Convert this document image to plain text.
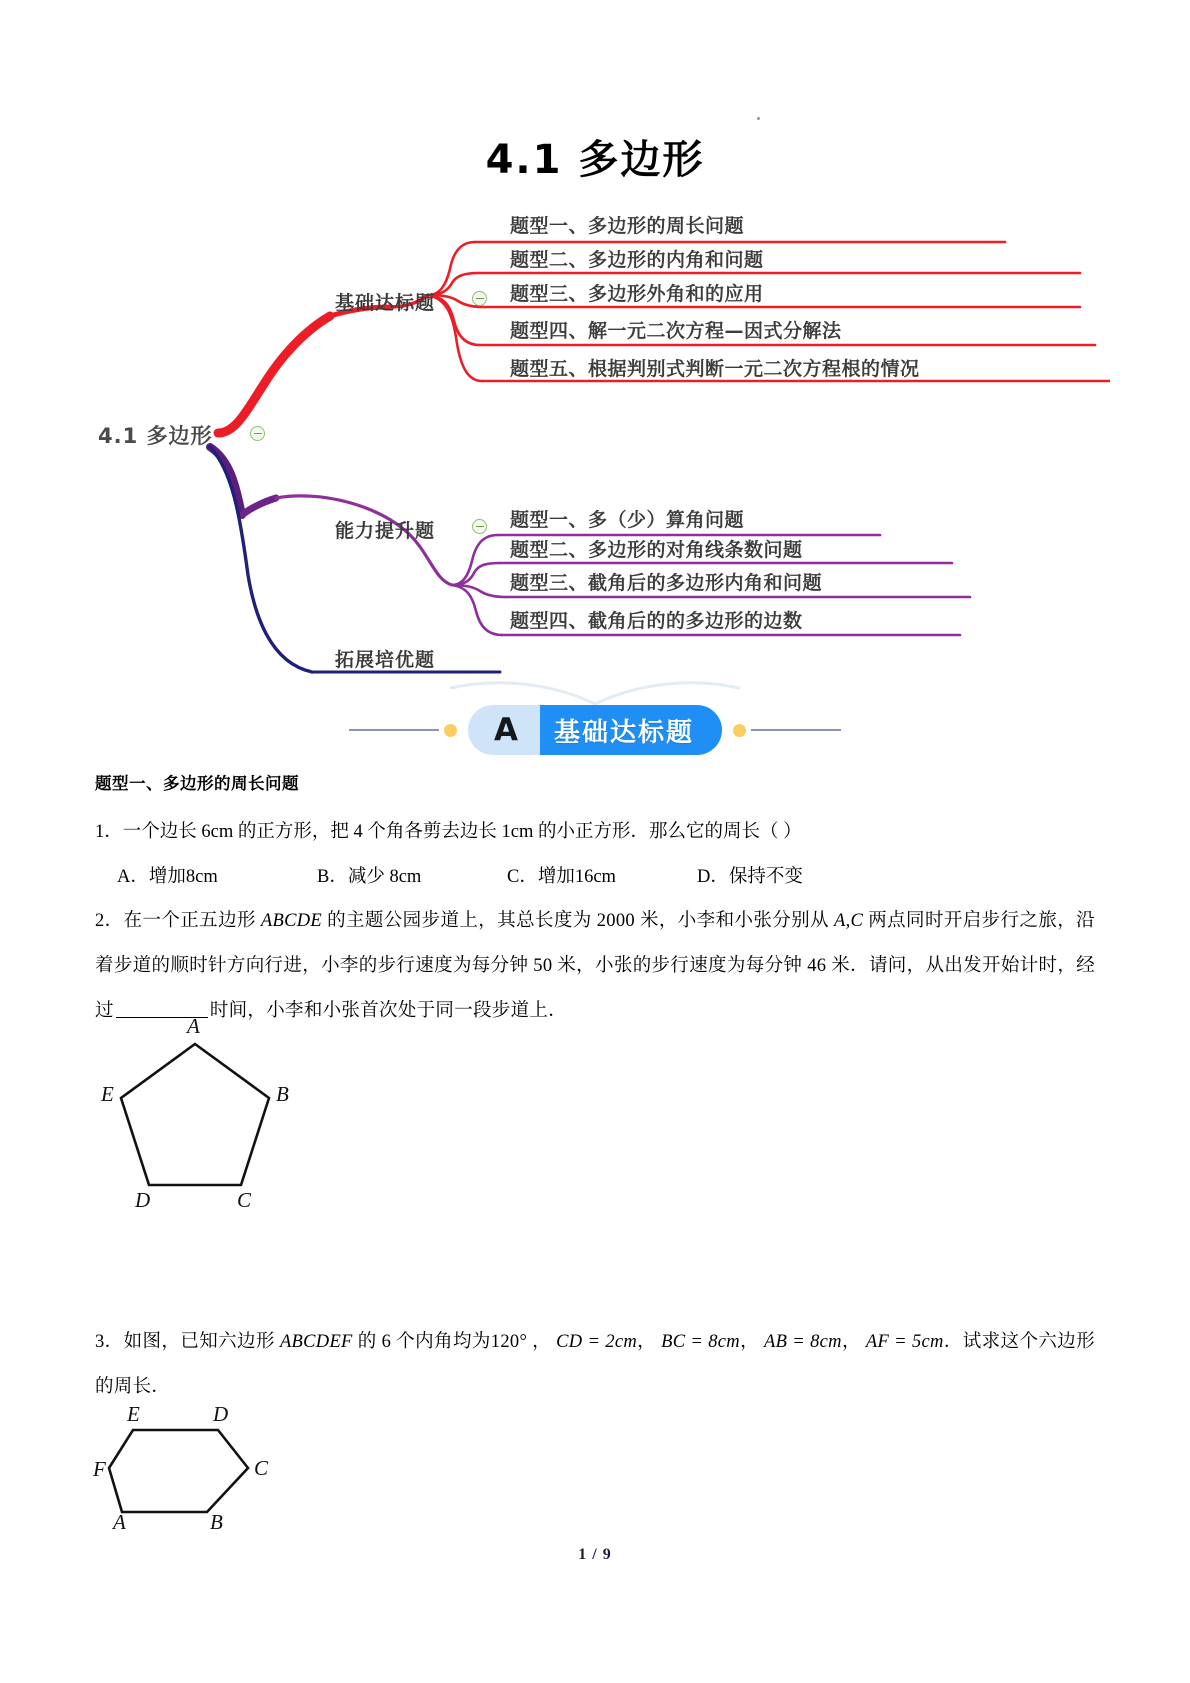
4.1 多边形
4.1 多边形
基础达标题
能力提升题
拓展培优题
题型一、多边形的周长问题
题型二、多边形的内角和问题
题型三、多边形外角和的应用
题型四、解一元二次方程—因式分解法
题型五、根据判别式判断一元二次方程根的情况
题型一、多（少）算角问题
题型二、多边形的对角线条数问题
题型三、截角后的多边形内角和问题
题型四、截角后的的多边形的边数
A	基础达标题
题型一、多边形的周长问题

1．一个边长 6cm 的正方形，把 4 个角各剪去边长 1cm 的小正方形．那么它的周长（ ）

A．增加8cm	B．减少 8cm	C．增加16cm	D．保持不变

2．在一个正五边形 ABCDE 的主题公园步道上，其总长度为 2000 米，小李和小张分别从 A,C 两点同时开启步行之旅，沿着步道的顺时针方向行进，小李的步行速度为每分钟 50 米，小张的步行速度为每分钟 46 米．请问，从出发开始计时，经过	时间，小李和小张首次处于同一段步道上．

A
B
C
D
E

3．如图，已知六边形 ABCDEF 的 6 个内角均为120° ， CD = 2cm， BC = 8cm， AB = 8cm， AF = 5cm．试求这个六边形的周长．

A	B
C
D
E
F
1 / 9
